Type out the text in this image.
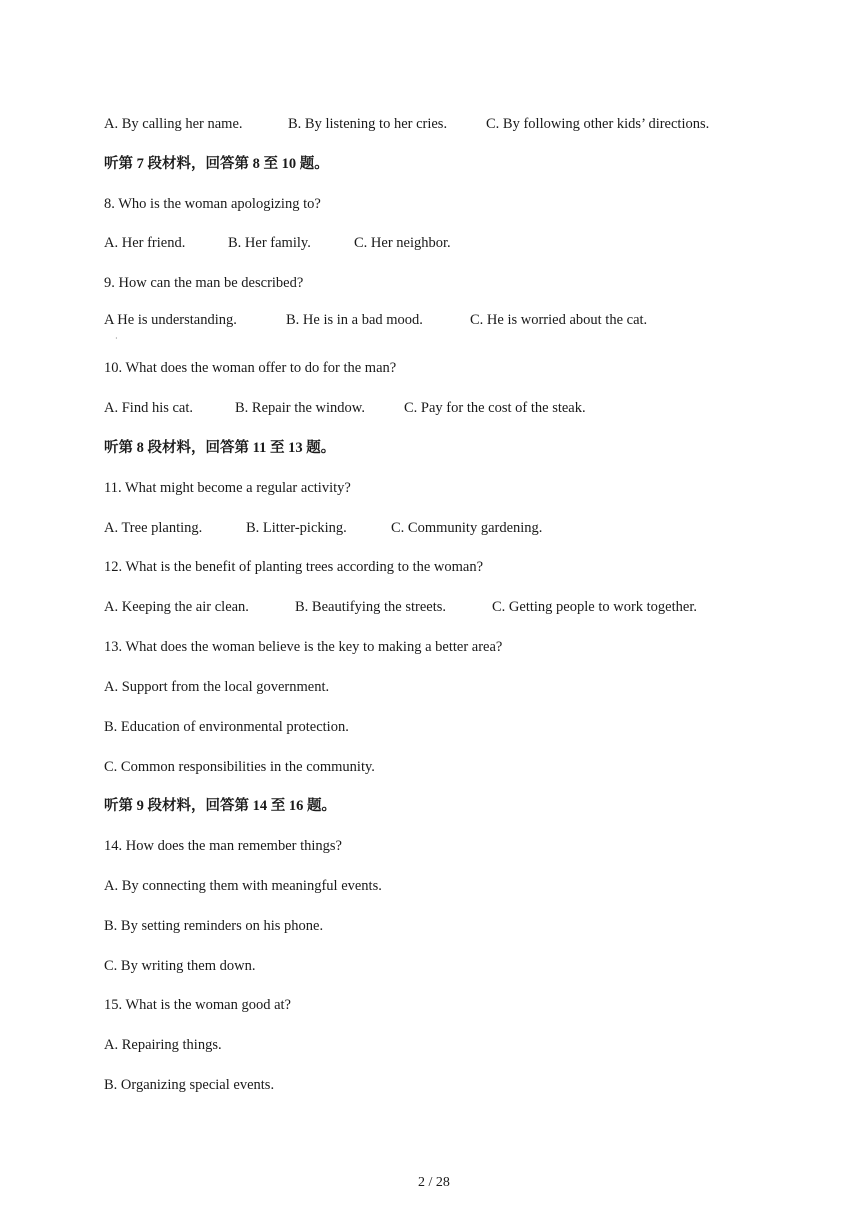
A. By calling her name.	B. By listening to her cries.	C. By following other kids’ directions.
听第 7 段材料，回答第 8 至 10 题。
8. Who is the woman apologizing to?
A. Her friend.	B. Her family.	C. Her neighbor.
9. How can the man be described?
A He is understanding.	B. He is in a bad mood.	C. He is worried about the cat.
·
10. What does the woman offer to do for the man?
A. Find his cat.	B. Repair the window.	C. Pay for the cost of the steak.
听第 8 段材料，回答第 11 至 13 题。
11. What might become a regular activity?
A. Tree planting.	B. Litter-picking.	C. Community gardening.
12. What is the benefit of planting trees according to the woman?
A. Keeping the air clean.	B. Beautifying the streets.	C. Getting people to work together.
13. What does the woman believe is the key to making a better area?
A. Support from the local government.
B. Education of environmental protection.
C. Common responsibilities in the community.
听第 9 段材料，回答第 14 至 16 题。
14. How does the man remember things?
A. By connecting them with meaningful events.
B. By setting reminders on his phone.
C. By writing them down.
15. What is the woman good at?
A. Repairing things.
B. Organizing special events.
2 / 28
